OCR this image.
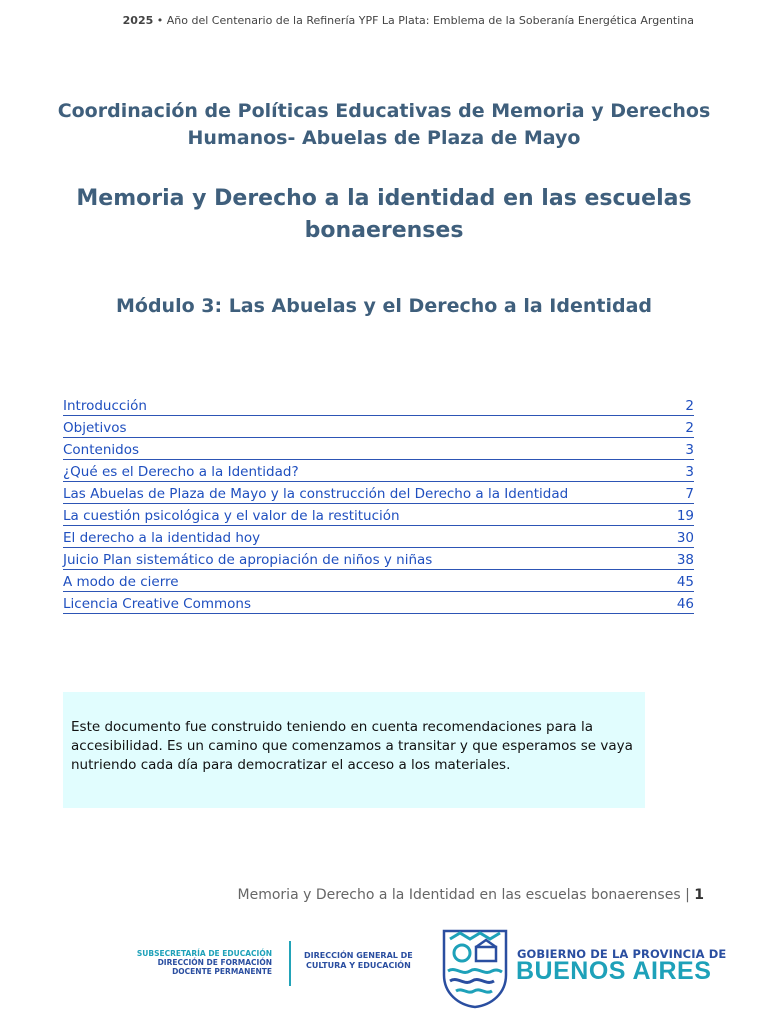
2025 • Año del Centenario de la Refinería YPF La Plata: Emblema de la Soberanía Energética Argentina
Coordinación de Políticas Educativas de Memoria y Derechos
Humanos- Abuelas de Plaza de Mayo
Memoria y Derecho a la identidad en las escuelas
bonaerenses
Módulo 3: Las Abuelas y el Derecho a la Identidad
Introducción	2
Objetivos	2
Contenidos	3
¿Qué es el Derecho a la Identidad?	3
Las Abuelas de Plaza de Mayo y la construcción del Derecho a la Identidad	7
La cuestión psicológica y el valor de la restitución	19
El derecho a la identidad hoy	30
Juicio Plan sistemático de apropiación de niños y niñas	38
A modo de cierre	45
Licencia Creative Commons	46
Este documento fue construido teniendo en cuenta recomendaciones para la accesibilidad. Es un camino que comenzamos a transitar y que esperamos se vaya nutriendo cada día para democratizar el acceso a los materiales.
Memoria y Derecho a la Identidad en las escuelas bonaerenses | 1
SUBSECRETARÍA DE EDUCACIÓN
DIRECCIÓN DE FORMACIÓN
DOCENTE PERMANENTE
DIRECCIÓN GENERAL DE
CULTURA Y EDUCACIÓN
GOBIERNO DE LA PROVINCIA DE
BUENOS AIRES
